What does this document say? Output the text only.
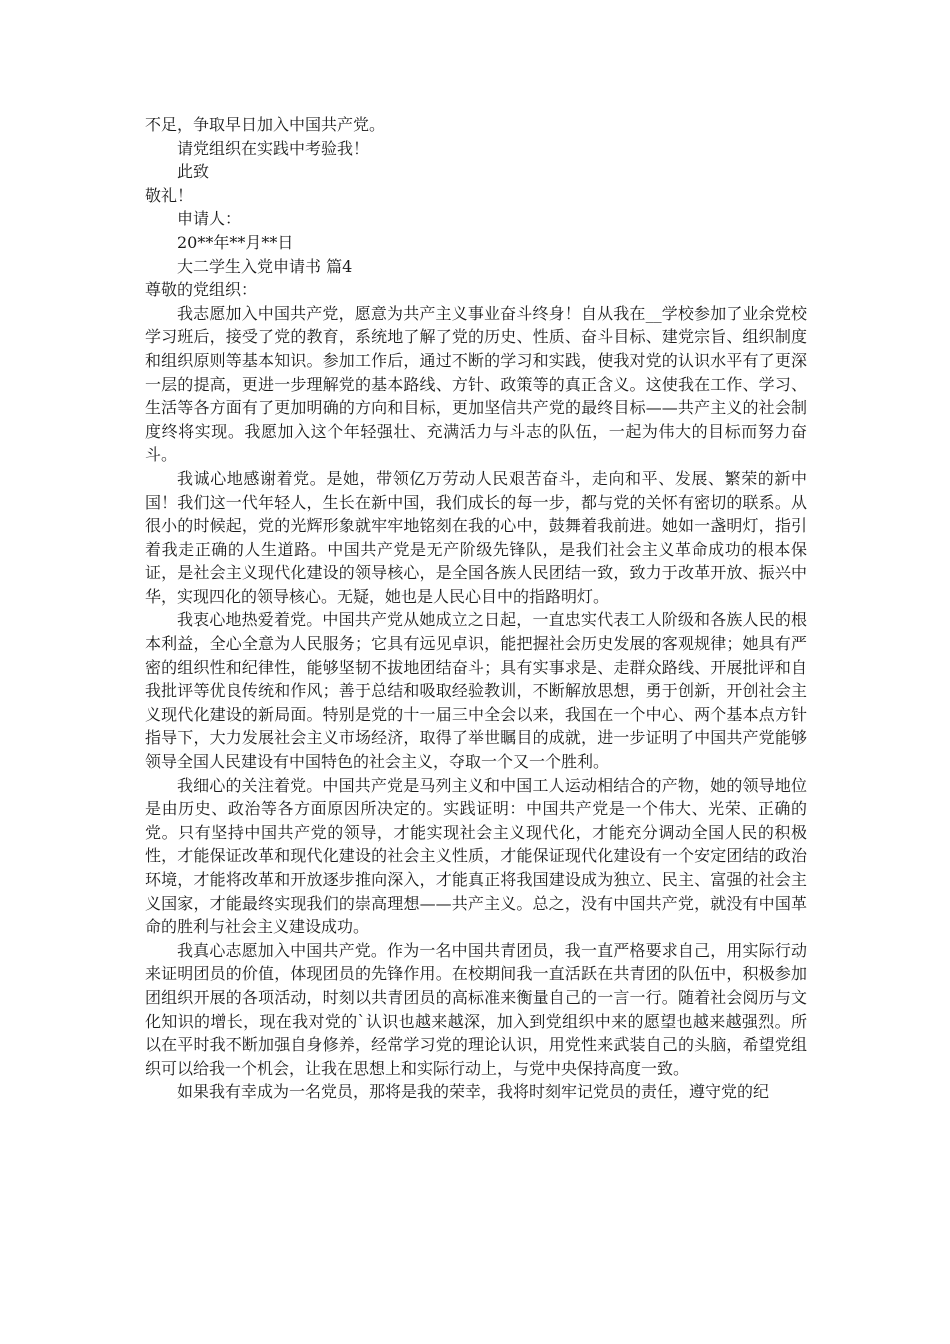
不足，争取早日加入中国共产党。

请党组织在实践中考验我！

此致

敬礼！

申请人：

20**年**月**日

大二学生入党申请书 篇4

尊敬的党组织：

我志愿加入中国共产党，愿意为共产主义事业奋斗终身！自从我在__学校参加了业余党校学习班后，接受了党的教育，系统地了解了党的历史、性质、奋斗目标、建党宗旨、组织制度和组织原则等基本知识。参加工作后，通过不断的学习和实践，使我对党的认识水平有了更深一层的提高，更进一步理解党的基本路线、方针、政策等的真正含义。这使我在工作、学习、生活等各方面有了更加明确的方向和目标，更加坚信共产党的最终目标——共产主义的社会制度终将实现。我愿加入这个年轻强壮、充满活力与斗志的队伍，一起为伟大的目标而努力奋斗。

我诚心地感谢着党。是她，带领亿万劳动人民艰苦奋斗，走向和平、发展、繁荣的新中国！我们这一代年轻人，生长在新中国，我们成长的每一步，都与党的关怀有密切的联系。从很小的时候起，党的光辉形象就牢牢地铭刻在我的心中，鼓舞着我前进。她如一盏明灯，指引着我走正确的人生道路。中国共产党是无产阶级先锋队，是我们社会主义革命成功的根本保证，是社会主义现代化建设的领导核心，是全国各族人民团结一致，致力于改革开放、振兴中华，实现四化的领导核心。无疑，她也是人民心目中的指路明灯。

我衷心地热爱着党。中国共产党从她成立之日起，一直忠实代表工人阶级和各族人民的根本利益，全心全意为人民服务；它具有远见卓识，能把握社会历史发展的客观规律；她具有严密的组织性和纪律性，能够坚韧不拔地团结奋斗；具有实事求是、走群众路线、开展批评和自我批评等优良传统和作风；善于总结和吸取经验教训，不断解放思想，勇于创新，开创社会主义现代化建设的新局面。特别是党的十一届三中全会以来，我国在一个中心、两个基本点方针指导下，大力发展社会主义市场经济，取得了举世瞩目的成就，进一步证明了中国共产党能够领导全国人民建设有中国特色的社会主义，夺取一个又一个胜利。

我细心的关注着党。中国共产党是马列主义和中国工人运动相结合的产物，她的领导地位是由历史、政治等各方面原因所决定的。实践证明：中国共产党是一个伟大、光荣、正确的党。只有坚持中国共产党的领导，才能实现社会主义现代化，才能充分调动全国人民的积极性，才能保证改革和现代化建设的社会主义性质，才能保证现代化建设有一个安定团结的政治环境，才能将改革和开放逐步推向深入，才能真正将我国建设成为独立、民主、富强的社会主义国家，才能最终实现我们的崇高理想——共产主义。总之，没有中国共产党，就没有中国革命的胜利与社会主义建设成功。

我真心志愿加入中国共产党。作为一名中国共青团员，我一直严格要求自己，用实际行动来证明团员的价值，体现团员的先锋作用。在校期间我一直活跃在共青团的队伍中，积极参加团组织开展的各项活动，时刻以共青团员的高标准来衡量自己的一言一行。随着社会阅历与文化知识的增长，现在我对党的`认识也越来越深，加入到党组织中来的愿望也越来越强烈。所以在平时我不断加强自身修养，经常学习党的理论认识，用党性来武装自己的头脑，希望党组织可以给我一个机会，让我在思想上和实际行动上，与党中央保持高度一致。

如果我有幸成为一名党员，那将是我的荣幸，我将时刻牢记党员的责任，遵守党的纪
